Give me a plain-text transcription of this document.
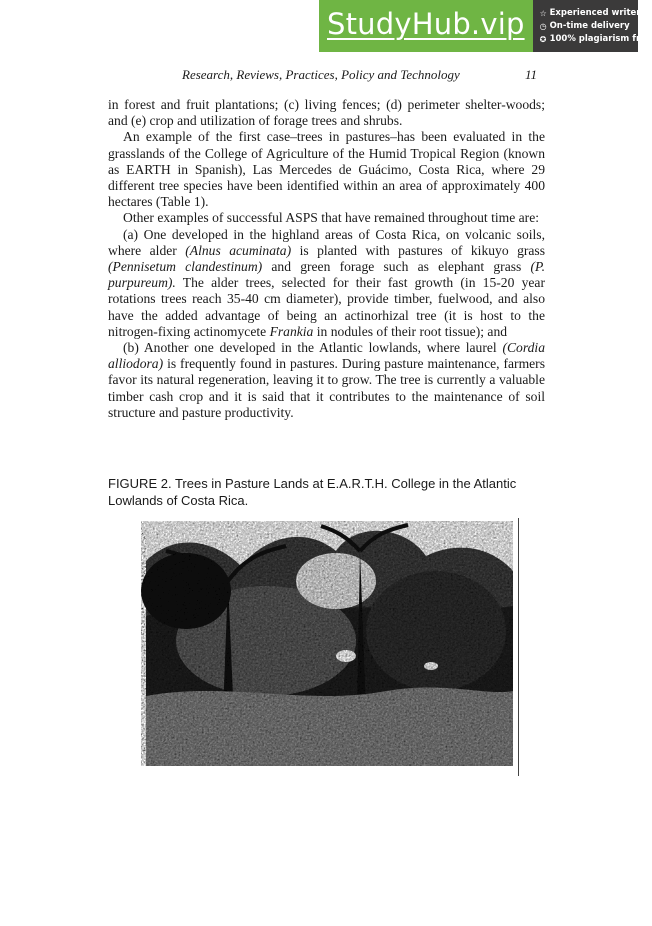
StudyHub.vip	☆ Experienced writers
◷ On-time delivery
✪ 100% plagiarism free
Research, Reviews, Practices, Policy and Technology	11

in forest and fruit plantations; (c) living fences; (d) perimeter shelter-woods; and (e) crop and utilization of forage trees and shrubs.

An example of the first case–trees in pastures–has been evaluated in the grasslands of the College of Agriculture of the Humid Tropical Region (known as EARTH in Spanish), Las Mercedes de Guácimo, Costa Rica, where 29 different tree species have been identified within an area of approximately 400 hectares (Table 1).

Other examples of successful ASPS that have remained throughout time are:

(a) One developed in the highland areas of Costa Rica, on volcanic soils, where alder (Alnus acuminata) is planted with pastures of kikuyo grass (Pennisetum clandestinum) and green forage such as elephant grass (P. purpureum). The alder trees, selected for their fast growth (in 15-20 year rotations trees reach 35-40 cm diameter), provide timber, fuelwood, and also have the added advantage of being an actinorhizal tree (it is host to the nitrogen-fixing actinomycete Frankia in nodules of their root tissue); and

(b) Another one developed in the Atlantic lowlands, where laurel (Cordia alliodora) is frequently found in pastures. During pasture maintenance, farmers favor its natural regeneration, leaving it to grow. The tree is currently a valuable timber cash crop and it is said that it contributes to the maintenance of soil structure and pasture productivity.

FIGURE 2. Trees in Pasture Lands at E.A.R.T.H. College in the Atlantic Lowlands of Costa Rica.
